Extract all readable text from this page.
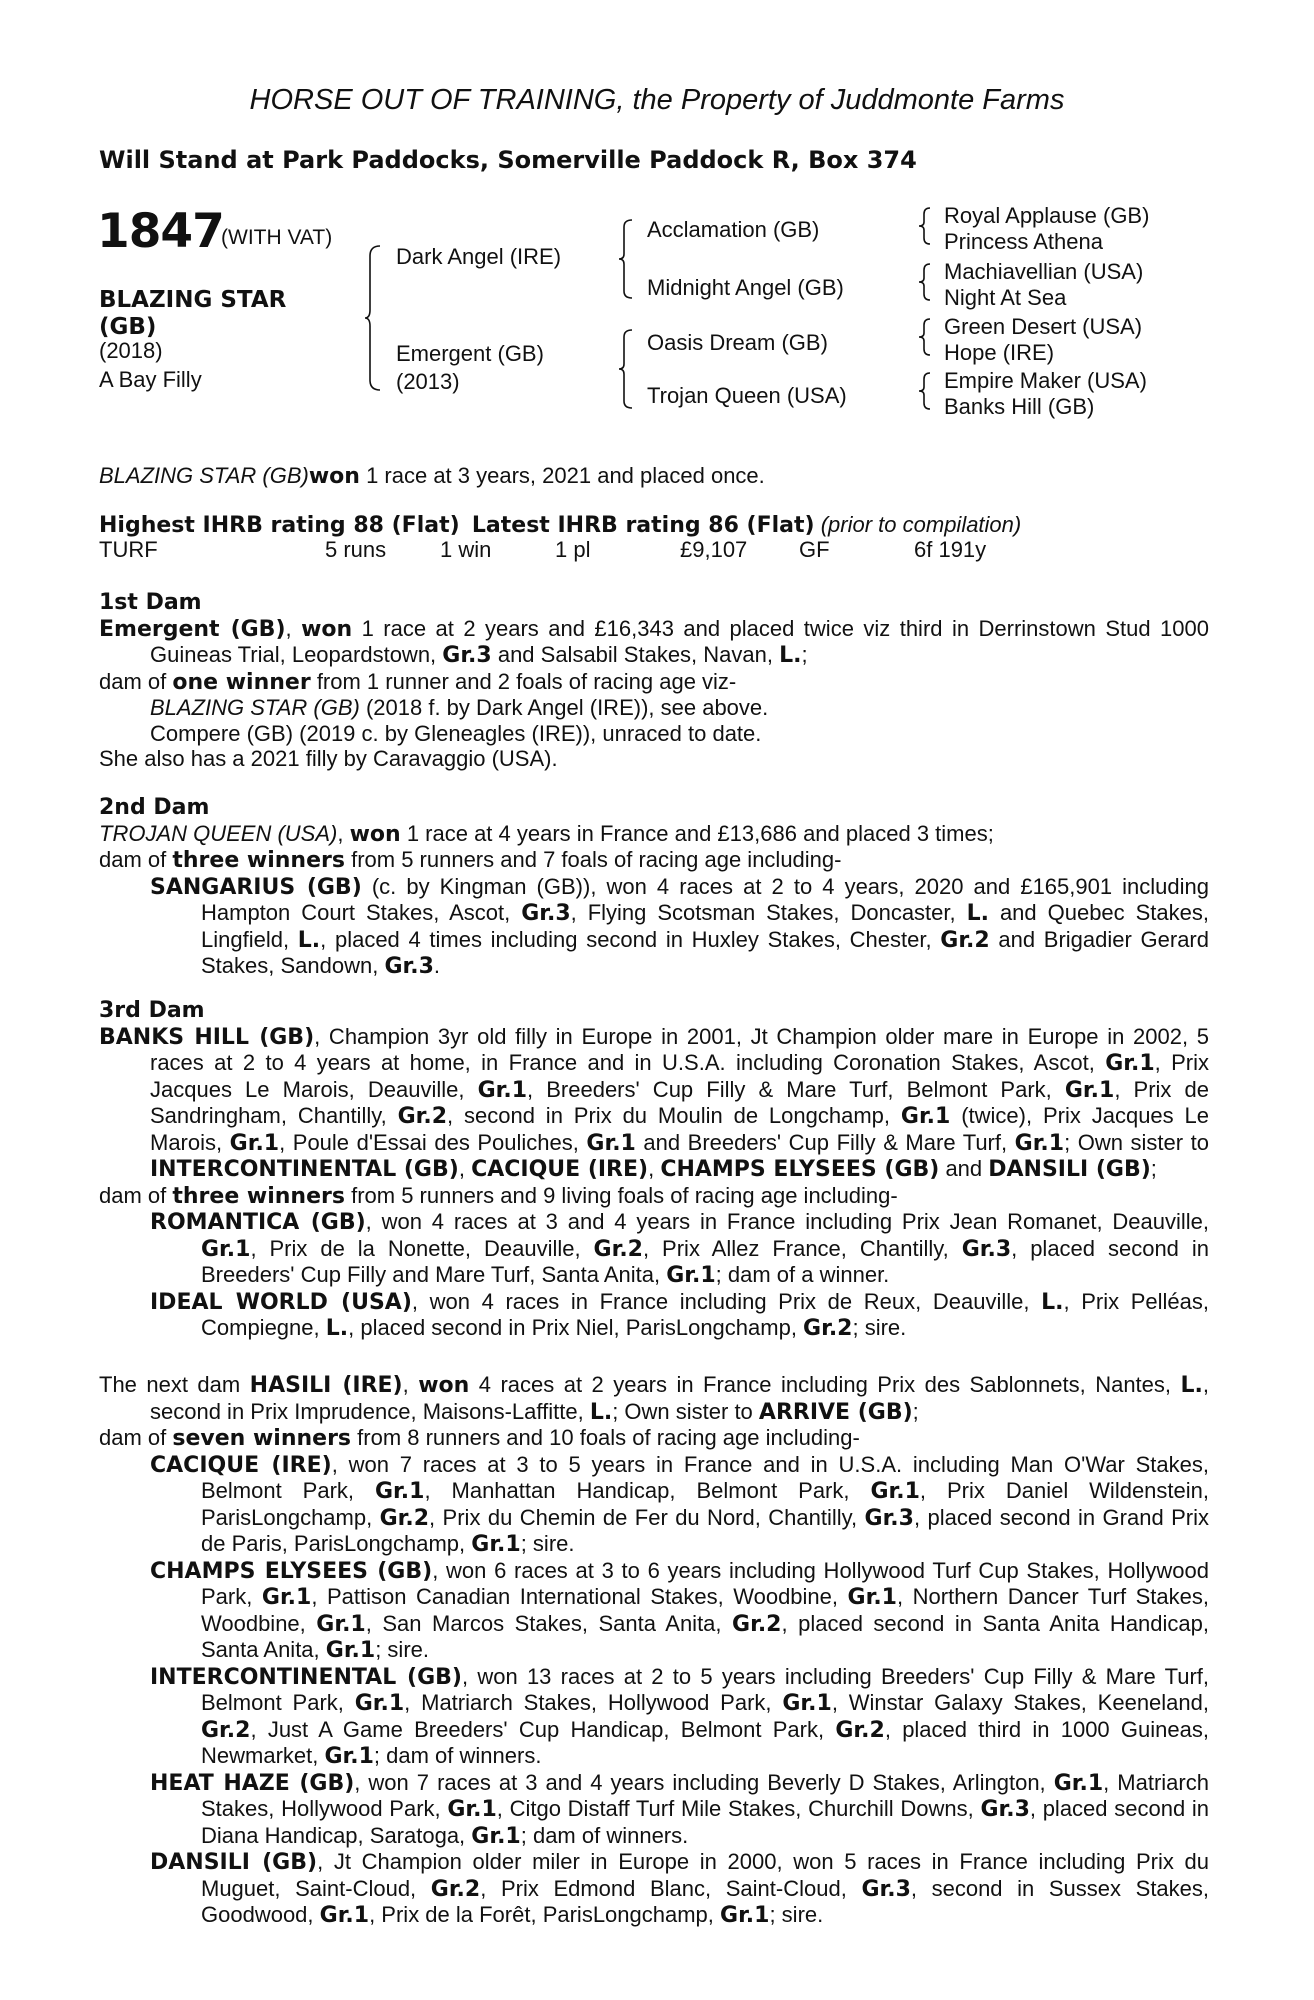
HORSE OUT OF TRAINING, the Property of Juddmonte Farms
Will Stand at Park Paddocks, Somerville Paddock R, Box 374
1847
(WITH VAT)
BLAZING STAR
(GB)
(2018)
A Bay Filly
Dark Angel (IRE)
Emergent (GB)
(2013)
Acclamation (GB)
Midnight Angel (GB)
Oasis Dream (GB)
Trojan Queen (USA)
Royal Applause (GB)
Princess Athena
Machiavellian (USA)
Night At Sea
Green Desert (USA)
Hope (IRE)
Empire Maker (USA)
Banks Hill (GB)
BLAZING STAR (GB)won 1 race at 3 years, 2021 and placed once.
Highest IHRB rating 88 (Flat) Latest IHRB rating 86 (Flat) (prior to compilation)
TURF	5 runs 1 win	1 pl	£9,107 GF	6f 191y

1st Dam

Emergent (GB), won 1 race at 2 years and £16,343 and placed twice viz third in Derrinstown Stud 1000 Guineas Trial, Leopardstown, Gr.3 and Salsabil Stakes, Navan, L.;

dam of one winner from 1 runner and 2 foals of racing age viz-

BLAZING STAR (GB) (2018 f. by Dark Angel (IRE)), see above.

Compere (GB) (2019 c. by Gleneagles (IRE)), unraced to date.

She also has a 2021 filly by Caravaggio (USA).

2nd Dam

TROJAN QUEEN (USA), won 1 race at 4 years in France and £13,686 and placed 3 times;

dam of three winners from 5 runners and 7 foals of racing age including-

SANGARIUS (GB) (c. by Kingman (GB)), won 4 races at 2 to 4 years, 2020 and £165,901 including Hampton Court Stakes, Ascot, Gr.3, Flying Scotsman Stakes, Doncaster, L. and Quebec Stakes, Lingfield, L., placed 4 times including second in Huxley Stakes, Chester, Gr.2 and Brigadier Gerard Stakes, Sandown, Gr.3.

3rd Dam

BANKS HILL (GB), Champion 3yr old filly in Europe in 2001, Jt Champion older mare in Europe in 2002, 5 races at 2 to 4 years at home, in France and in U.S.A. including Coronation Stakes, Ascot, Gr.1, Prix Jacques Le Marois, Deauville, Gr.1, Breeders' Cup Filly & Mare Turf, Belmont Park, Gr.1, Prix de Sandringham, Chantilly, Gr.2, second in Prix du Moulin de Longchamp, Gr.1 (twice), Prix Jacques Le Marois, Gr.1, Poule d'Essai des Pouliches, Gr.1 and Breeders' Cup Filly & Mare Turf, Gr.1; Own sister to INTERCONTINENTAL (GB), CACIQUE (IRE), CHAMPS ELYSEES (GB) and DANSILI (GB);

dam of three winners from 5 runners and 9 living foals of racing age including-

ROMANTICA (GB), won 4 races at 3 and 4 years in France including Prix Jean Romanet, Deauville, Gr.1, Prix de la Nonette, Deauville, Gr.2, Prix Allez France, Chantilly, Gr.3, placed second in Breeders' Cup Filly and Mare Turf, Santa Anita, Gr.1; dam of a winner.

IDEAL WORLD (USA), won 4 races in France including Prix de Reux, Deauville, L., Prix Pelléas, Compiegne, L., placed second in Prix Niel, ParisLongchamp, Gr.2; sire.

The next dam HASILI (IRE), won 4 races at 2 years in France including Prix des Sablonnets, Nantes, L., second in Prix Imprudence, Maisons-Laffitte, L.; Own sister to ARRIVE (GB);

dam of seven winners from 8 runners and 10 foals of racing age including-

CACIQUE (IRE), won 7 races at 3 to 5 years in France and in U.S.A. including Man O'War Stakes, Belmont Park, Gr.1, Manhattan Handicap, Belmont Park, Gr.1, Prix Daniel Wildenstein, ParisLongchamp, Gr.2, Prix du Chemin de Fer du Nord, Chantilly, Gr.3, placed second in Grand Prix de Paris, ParisLongchamp, Gr.1; sire.

CHAMPS ELYSEES (GB), won 6 races at 3 to 6 years including Hollywood Turf Cup Stakes, Hollywood Park, Gr.1, Pattison Canadian International Stakes, Woodbine, Gr.1, Northern Dancer Turf Stakes, Woodbine, Gr.1, San Marcos Stakes, Santa Anita, Gr.2, placed second in Santa Anita Handicap, Santa Anita, Gr.1; sire.

INTERCONTINENTAL (GB), won 13 races at 2 to 5 years including Breeders' Cup Filly & Mare Turf, Belmont Park, Gr.1, Matriarch Stakes, Hollywood Park, Gr.1, Winstar Galaxy Stakes, Keeneland, Gr.2, Just A Game Breeders' Cup Handicap, Belmont Park, Gr.2, placed third in 1000 Guineas, Newmarket, Gr.1; dam of winners.

HEAT HAZE (GB), won 7 races at 3 and 4 years including Beverly D Stakes, Arlington, Gr.1, Matriarch Stakes, Hollywood Park, Gr.1, Citgo Distaff Turf Mile Stakes, Churchill Downs, Gr.3, placed second in Diana Handicap, Saratoga, Gr.1; dam of winners.

DANSILI (GB), Jt Champion older miler in Europe in 2000, won 5 races in France including Prix du Muguet, Saint-Cloud, Gr.2, Prix Edmond Blanc, Saint-Cloud, Gr.3, second in Sussex Stakes, Goodwood, Gr.1, Prix de la Forêt, ParisLongchamp, Gr.1; sire.
